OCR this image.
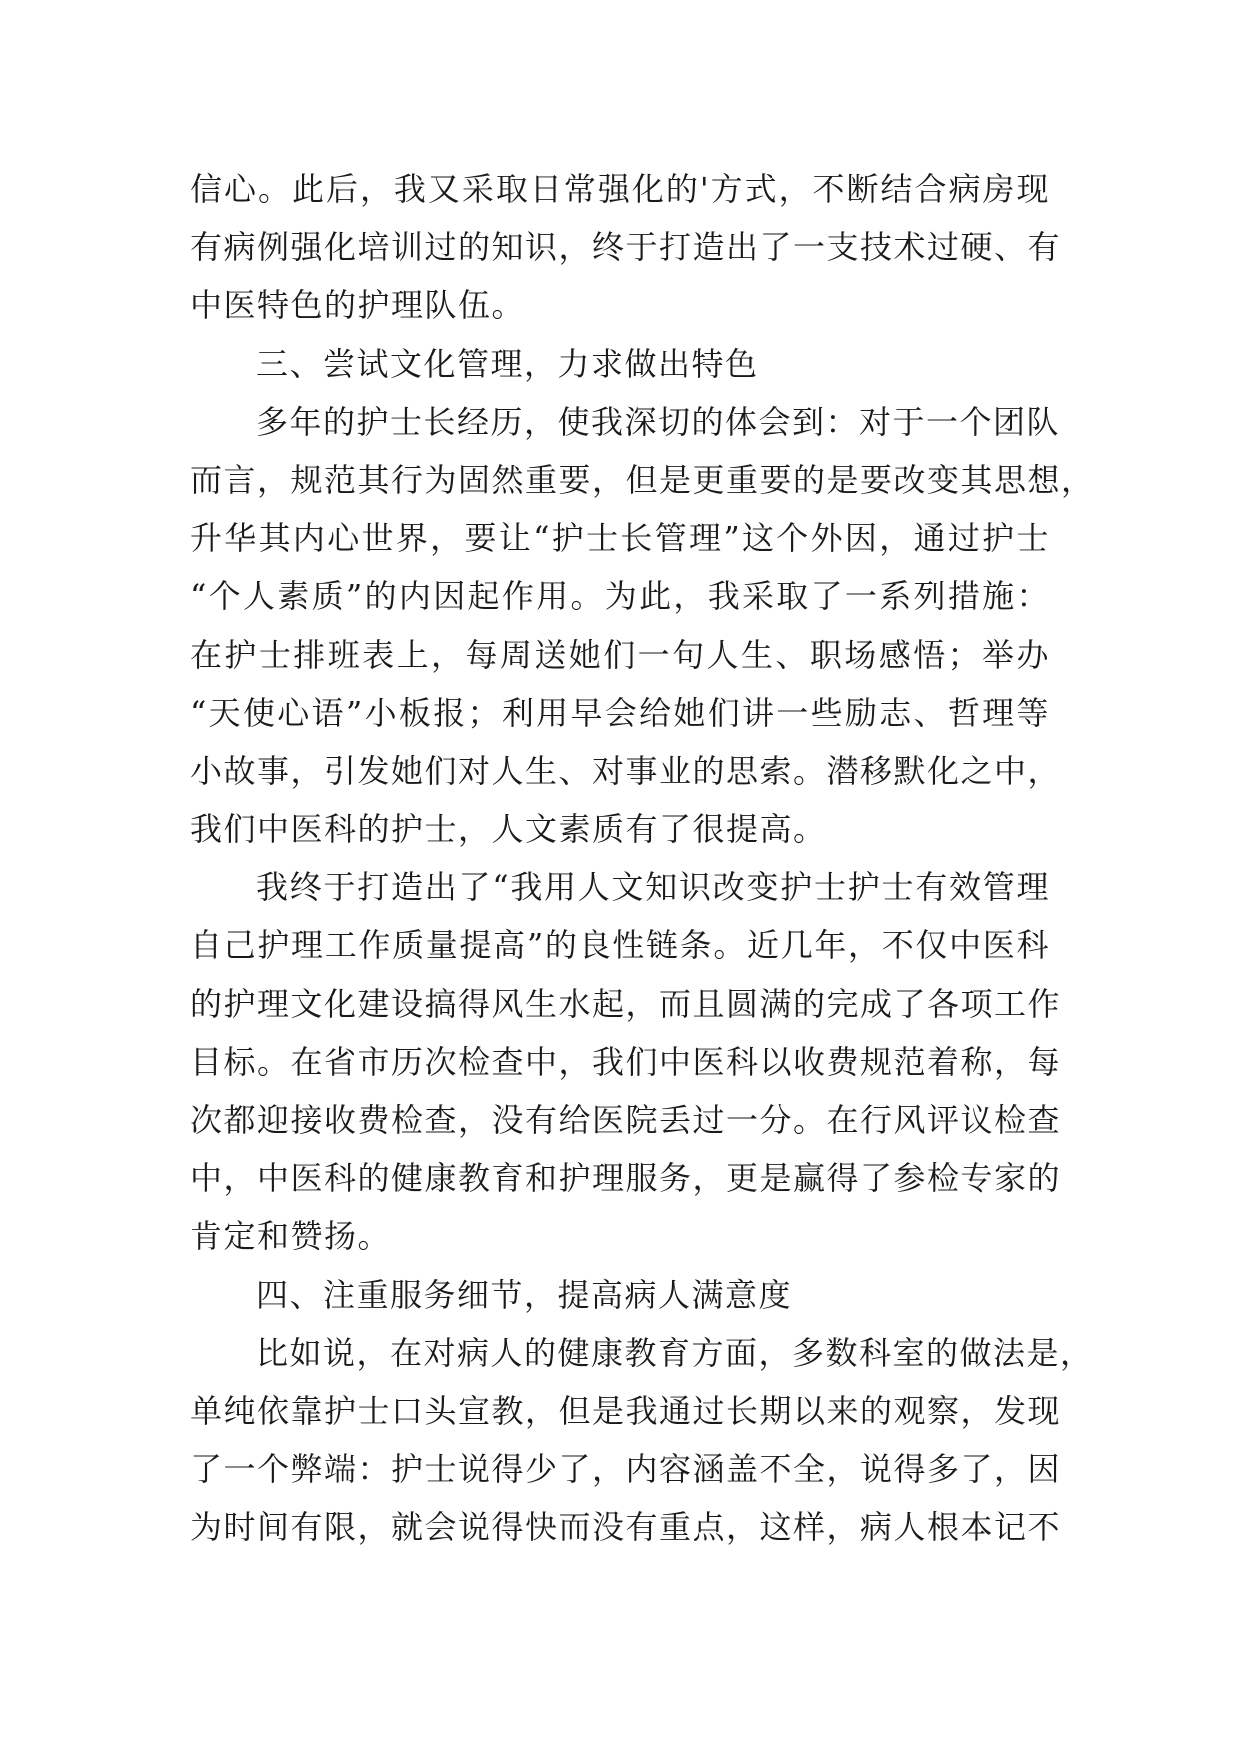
信心。此后，我又采取日常强化的'方式，不断结合病房现
有病例强化培训过的知识，终于打造出了一支技术过硬、有
中医特色的护理队伍。
三、尝试文化管理，力求做出特色
多年的护士长经历，使我深切的体会到：对于一个团队
而言，规范其行为固然重要，但是更重要的是要改变其思想，
升华其内心世界，要让“护士长管理”这个外因，通过护士
“个人素质”的内因起作用。为此，我采取了一系列措施：
在护士排班表上，每周送她们一句人生、职场感悟；举办
“天使心语”小板报；利用早会给她们讲一些励志、哲理等
小故事，引发她们对人生、对事业的思索。潜移默化之中，
我们中医科的护士，人文素质有了很提高。
我终于打造出了“我用人文知识改变护士护士有效管理
自己护理工作质量提高”的良性链条。近几年，不仅中医科
的护理文化建设搞得风生水起，而且圆满的完成了各项工作
目标。在省市历次检查中，我们中医科以收费规范着称，每
次都迎接收费检查，没有给医院丢过一分。在行风评议检查
中，中医科的健康教育和护理服务，更是赢得了参检专家的
肯定和赞扬。
四、注重服务细节，提高病人满意度
比如说，在对病人的健康教育方面，多数科室的做法是，
单纯依靠护士口头宣教，但是我通过长期以来的观察，发现
了一个弊端：护士说得少了，内容涵盖不全，说得多了，因
为时间有限，就会说得快而没有重点，这样，病人根本记不
